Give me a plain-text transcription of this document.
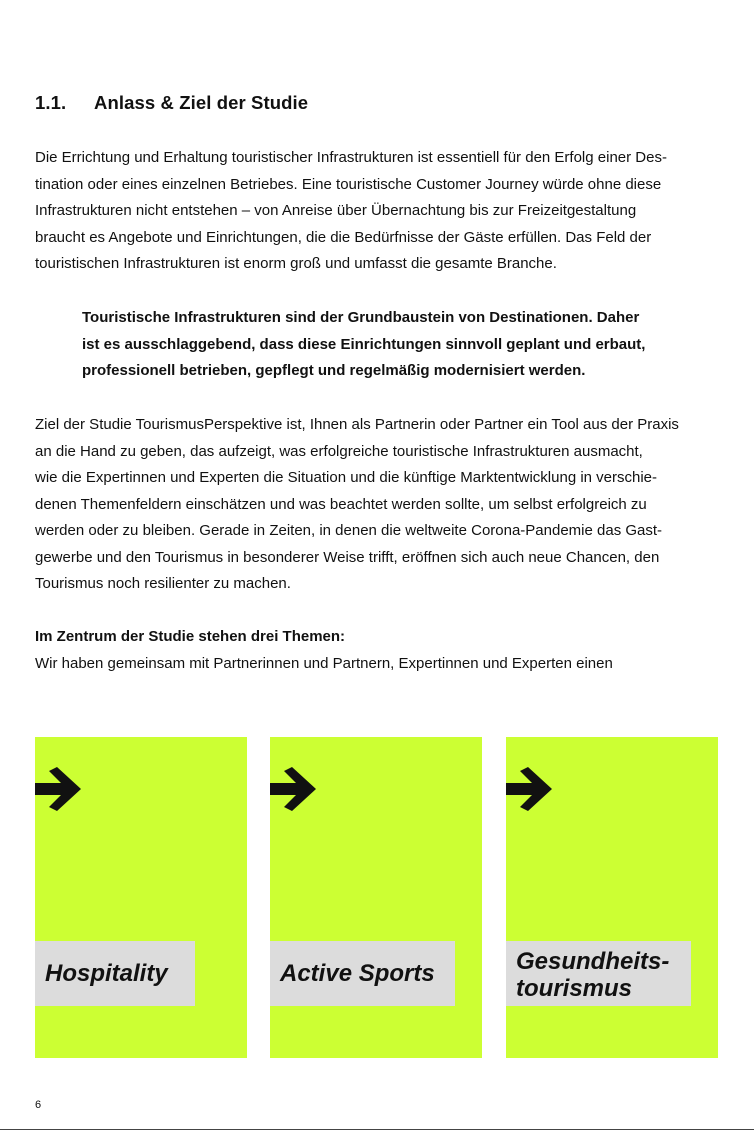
1.1. Anlass & Ziel der Studie
Die Errichtung und Erhaltung touristischer Infrastrukturen ist essentiell für den Erfolg einer Des-
tination oder eines einzelnen Betriebes. Eine touristische Customer Journey würde ohne diese
Infrastrukturen nicht entstehen – von Anreise über Übernachtung bis zur Freizeitgestaltung
braucht es Angebote und Einrichtungen, die die Bedürfnisse der Gäste erfüllen. Das Feld der
touristischen Infrastrukturen ist enorm groß und umfasst die gesamte Branche.
Touristische Infrastrukturen sind der Grundbaustein von Destinationen. Daher
ist es ausschlaggebend, dass diese Einrichtungen sinnvoll geplant und erbaut,
professionell betrieben, gepflegt und regelmäßig modernisiert werden.
Ziel der Studie TourismusPerspektive ist, Ihnen als Partnerin oder Partner ein Tool aus der Praxis
an die Hand zu geben, das aufzeigt, was erfolgreiche touristische Infrastrukturen ausmacht,
wie die Expertinnen und Experten die Situation und die künftige Marktentwicklung in verschie-
denen Themenfeldern einschätzen und was beachtet werden sollte, um selbst erfolgreich zu
werden oder zu bleiben. Gerade in Zeiten, in denen die weltweite Corona-Pandemie das Gast-
gewerbe und den Tourismus in besonderer Weise trifft, eröffnen sich auch neue Chancen, den
Tourismus noch resilienter zu machen.
Im Zentrum der Studie stehen drei Themen:
Wir haben gemeinsam mit Partnerinnen und Partnern, Expertinnen und Experten einen
Hospitality	Active Sports	Gesundheits-
tourismus
6
